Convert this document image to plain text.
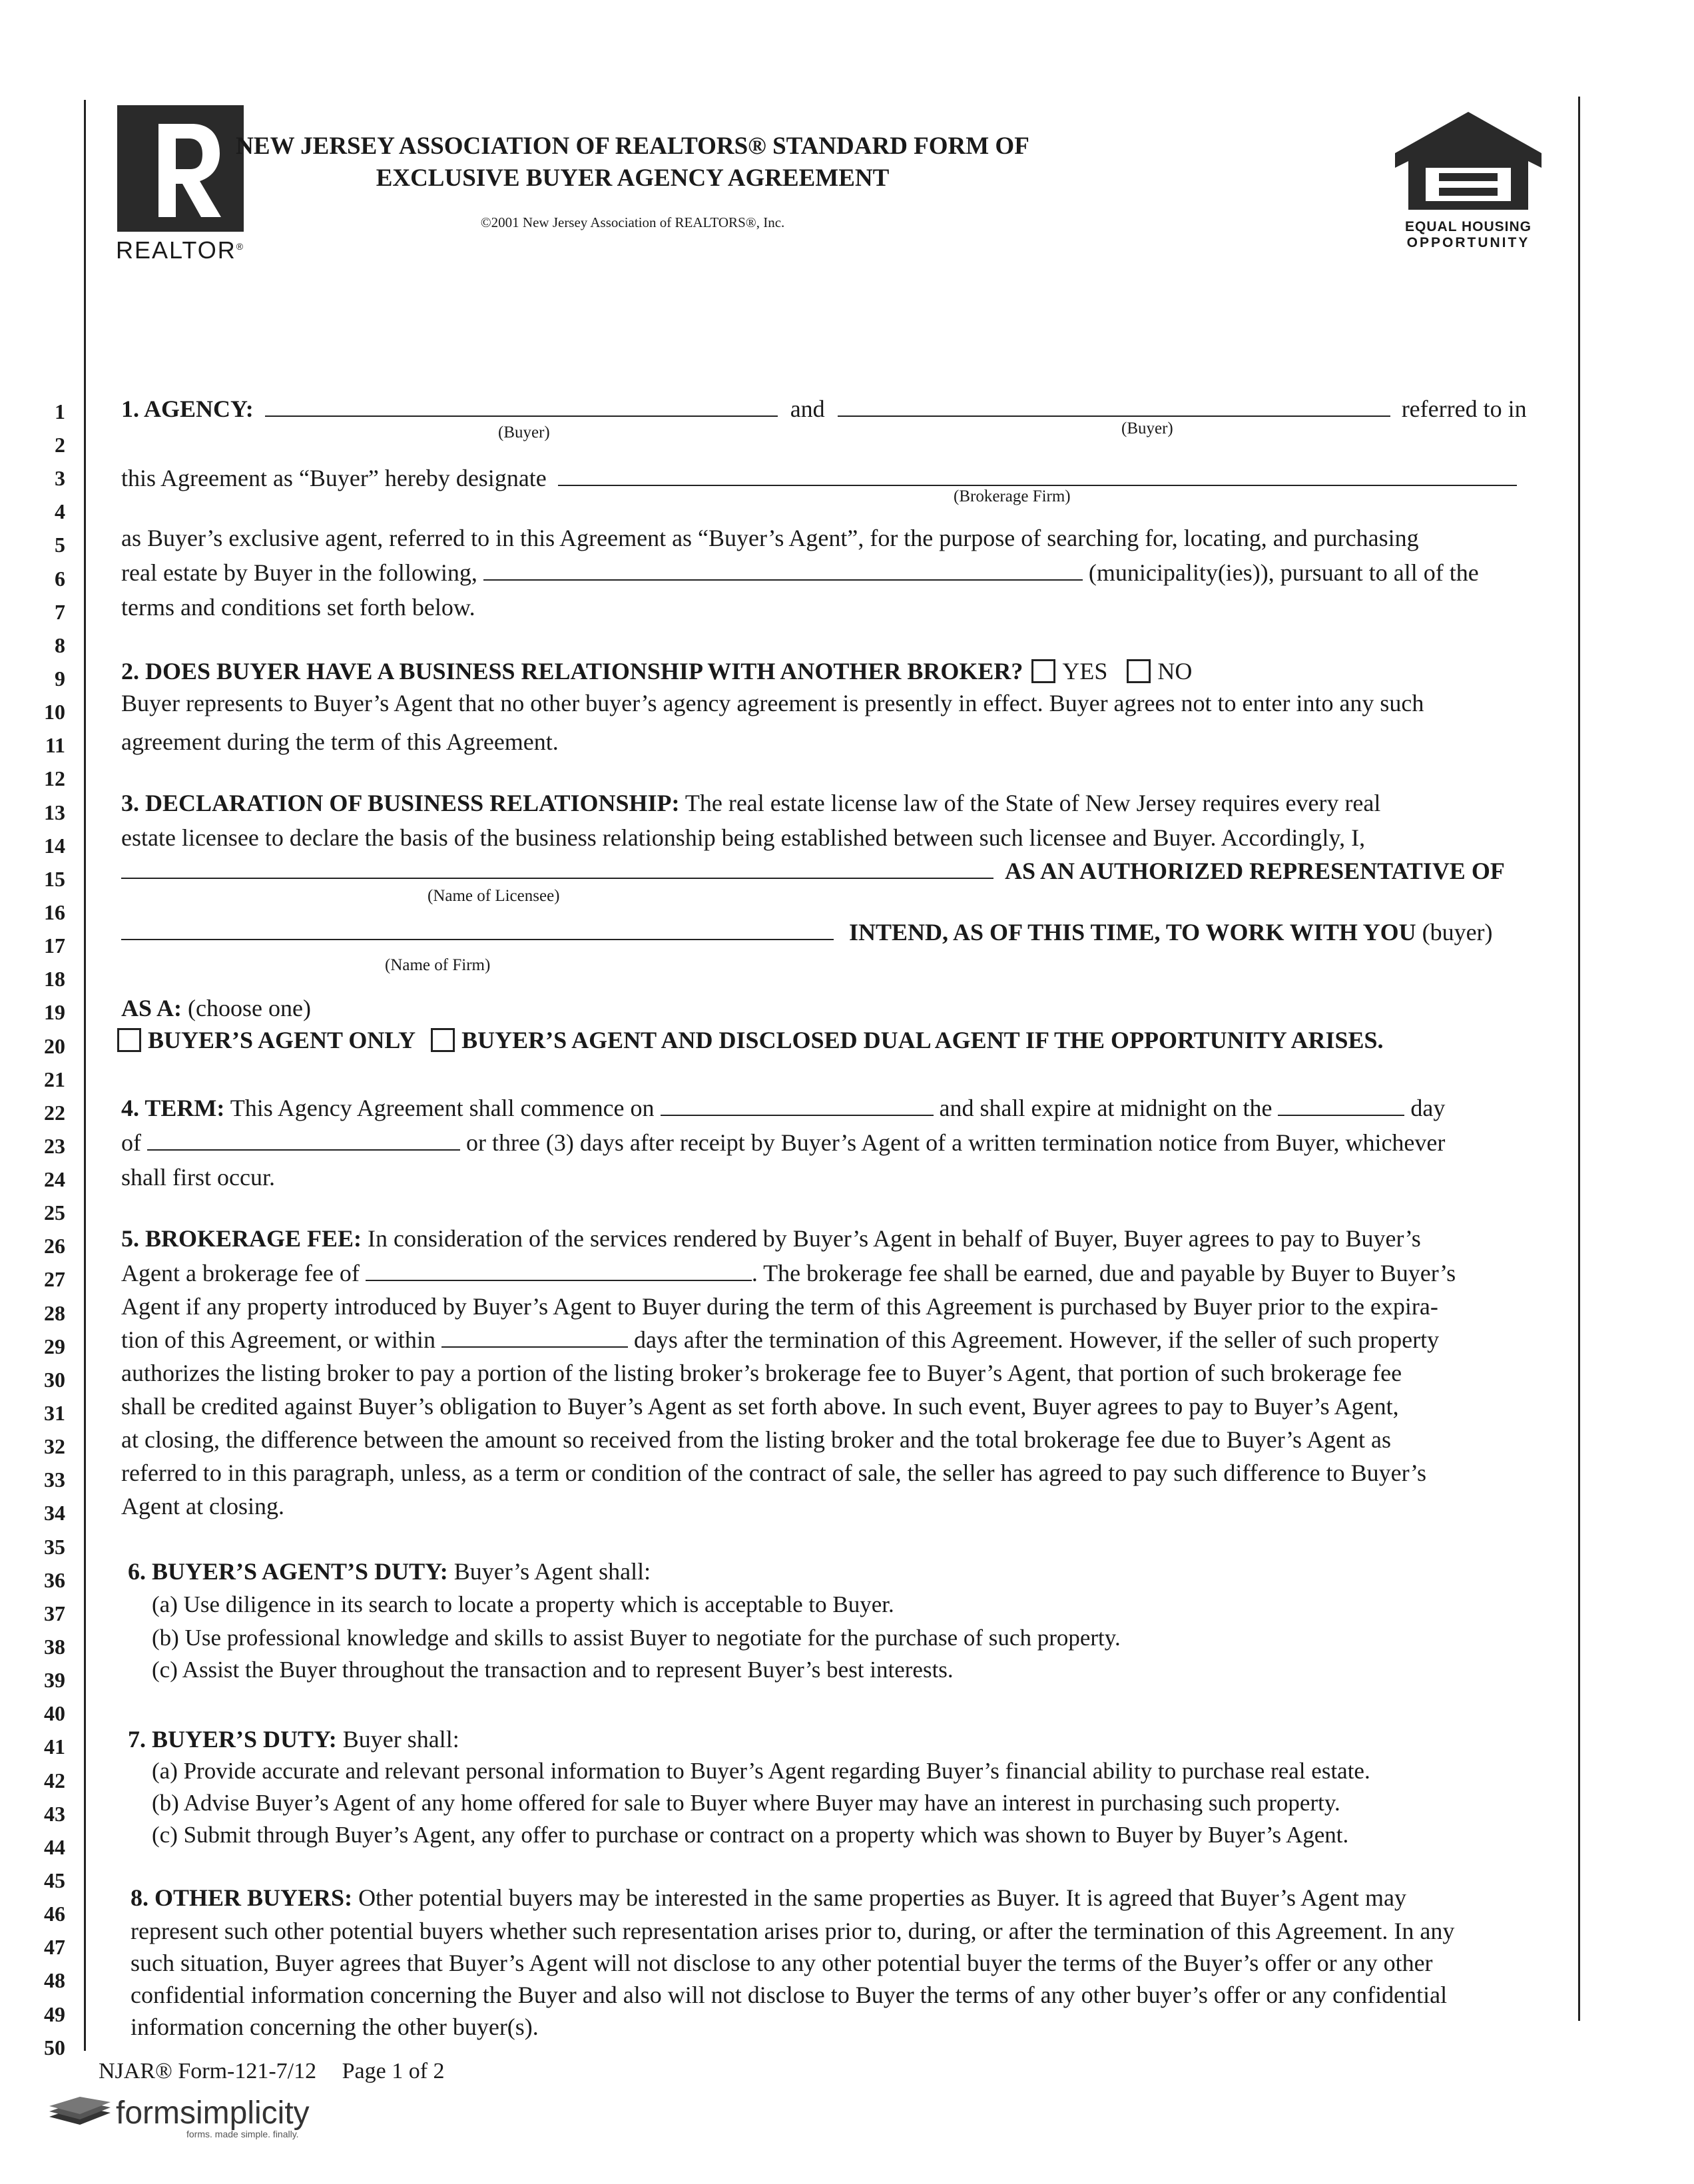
REALTOR®
NEW JERSEY ASSOCIATION OF REALTORS® STANDARD FORM OF
EXCLUSIVE BUYER AGENCY AGREEMENT
©2001 New Jersey Association of REALTORS®, Inc.	EQUAL HOUSING
OPPORTUNITY
1
2
3
4
5
6
7
8
9
10
11
12
13
14
15
16
17
18
19
20
21
22
23
24
25
26
27
28
29
30
31
32
33
34
35
36
37
38
39
40
41
42
43
44
45
46
47
48
49
50
1. AGENCY:	and	referred to in
(Buyer)	(Buyer)
this Agreement as “Buyer” hereby designate
(Brokerage Firm)
as Buyer’s exclusive agent, referred to in this Agreement as “Buyer’s Agent”, for the purpose of searching for, locating, and purchasing
real estate by Buyer in the following,	(municipality(ies)), pursuant to all of the
terms and conditions set forth below.
2. DOES BUYER HAVE A BUSINESS RELATIONSHIP WITH ANOTHER BROKER? YES NO
Buyer represents to Buyer’s Agent that no other buyer’s agency agreement is presently in effect. Buyer agrees not to enter into any such
agreement during the term of this Agreement.
3. DECLARATION OF BUSINESS RELATIONSHIP: The real estate license law of the State of New Jersey requires every real
estate licensee to declare the basis of the business relationship being established between such licensee and Buyer. Accordingly, I,
AS AN AUTHORIZED REPRESENTATIVE OF
(Name of Licensee)
INTEND, AS OF THIS TIME, TO WORK WITH YOU (buyer)
(Name of Firm)
AS A: (choose one)
BUYER’S AGENT ONLY BUYER’S AGENT AND DISCLOSED DUAL AGENT IF THE OPPORTUNITY ARISES.
4. TERM: This Agency Agreement shall commence on	and shall expire at midnight on the	day
of	or three (3) days after receipt by Buyer’s Agent of a written termination notice from Buyer, whichever
shall first occur.
5. BROKERAGE FEE: In consideration of the services rendered by Buyer’s Agent in behalf of Buyer, Buyer agrees to pay to Buyer’s
Agent a brokerage fee of	. The brokerage fee shall be earned, due and payable by Buyer to Buyer’s
Agent if any property introduced by Buyer’s Agent to Buyer during the term of this Agreement is purchased by Buyer prior to the expira-
tion of this Agreement, or within	days after the termination of this Agreement. However, if the seller of such property
authorizes the listing broker to pay a portion of the listing broker’s brokerage fee to Buyer’s Agent, that portion of such brokerage fee
shall be credited against Buyer’s obligation to Buyer’s Agent as set forth above. In such event, Buyer agrees to pay to Buyer’s Agent,
at closing, the difference between the amount so received from the listing broker and the total brokerage fee due to Buyer’s Agent as
referred to in this paragraph, unless, as a term or condition of the contract of sale, the seller has agreed to pay such difference to Buyer’s
Agent at closing.
6. BUYER’S AGENT’S DUTY: Buyer’s Agent shall:
(a) Use diligence in its search to locate a property which is acceptable to Buyer.
(b) Use professional knowledge and skills to assist Buyer to negotiate for the purchase of such property.
(c) Assist the Buyer throughout the transaction and to represent Buyer’s best interests.
7. BUYER’S DUTY: Buyer shall:
(a) Provide accurate and relevant personal information to Buyer’s Agent regarding Buyer’s financial ability to purchase real estate.
(b) Advise Buyer’s Agent of any home offered for sale to Buyer where Buyer may have an interest in purchasing such property.
(c) Submit through Buyer’s Agent, any offer to purchase or contract on a property which was shown to Buyer by Buyer’s Agent.
8. OTHER BUYERS: Other potential buyers may be interested in the same properties as Buyer. It is agreed that Buyer’s Agent may
represent such other potential buyers whether such representation arises prior to, during, or after the termination of this Agreement. In any
such situation, Buyer agrees that Buyer’s Agent will not disclose to any other potential buyer the terms of the Buyer’s offer or any other
confidential information concerning the Buyer and also will not disclose to Buyer the terms of any other buyer’s offer or any confidential
information concerning the other buyer(s).
NJAR® Form-121-7/12 Page 1 of 2
formsimplicity
forms. made simple. finally.
